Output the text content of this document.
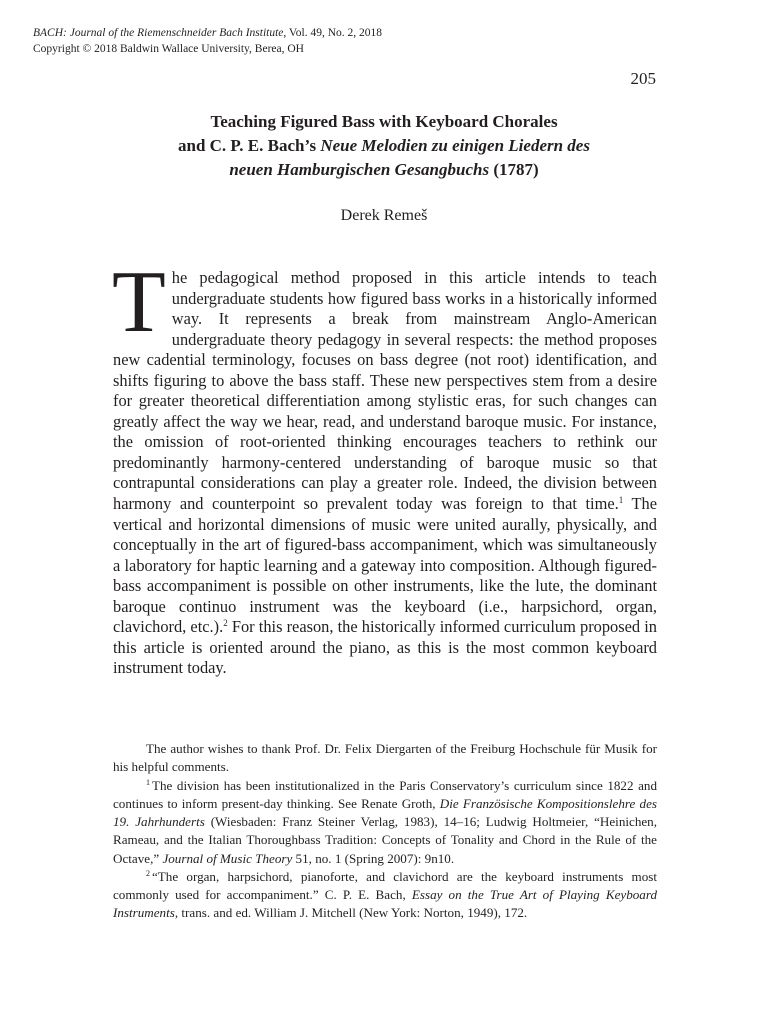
BACH: Journal of the Riemenschneider Bach Institute, Vol. 49, No. 2, 2018
Copyright © 2018 Baldwin Wallace University, Berea, OH
205
Teaching Figured Bass with Keyboard Chorales
and C. P. E. Bach’s Neue Melodien zu einigen Liedern des
neuen Hamburgischen Gesangbuchs (1787)
Derek Remeš

The pedagogical method proposed in this article intends to teach undergraduate students how figured bass works in a historically informed way. It represents a break from mainstream Anglo-American undergraduate theory pedagogy in several respects: the method proposes new cadential terminology, focuses on bass degree (not root) identification, and shifts figuring to above the bass staff. These new perspectives stem from a desire for greater theoretical differentiation among stylistic eras, for such changes can greatly affect the way we hear, read, and understand baroque music. For instance, the omission of root-oriented thinking encourages teachers to rethink our predominantly harmony-centered understanding of baroque music so that contrapuntal considerations can play a greater role. Indeed, the division between harmony and counterpoint so prevalent today was foreign to that time.$^1$ The vertical and horizontal dimensions of music were united aurally, physically, and conceptually in the art of figured-bass accompaniment, which was simultaneously a laboratory for haptic learning and a gateway into composition. Although figured-bass accompaniment is possible on other instruments, like the lute, the dominant baroque continuo instrument was the keyboard (i.e., harpsichord, organ, clavichord, etc.).$^2$ For this reason, the historically informed curriculum proposed in this article is oriented around the piano, as this is the most common keyboard instrument today.

The author wishes to thank Prof. Dr. Felix Diergarten of the Freiburg Hochschule für Musik for his helpful comments.

$^1$ The division has been institutionalized in the Paris Conservatory’s curriculum since 1822 and continues to inform present-day thinking. See Renate Groth, Die Französische Kompositionslehre des 19. Jahrhunderts (Wiesbaden: Franz Steiner Verlag, 1983), 14–16; Ludwig Holtmeier, “Heinichen, Rameau, and the Italian Thoroughbass Tradition: Concepts of Tonality and Chord in the Rule of the Octave,” Journal of Music Theory 51, no. 1 (Spring 2007): 9n10.

$^2$ “The organ, harpsichord, pianoforte, and clavichord are the keyboard instruments most commonly used for accompaniment.” C. P. E. Bach, Essay on the True Art of Playing Keyboard Instruments, trans. and ed. William J. Mitchell (New York: Norton, 1949), 172.
